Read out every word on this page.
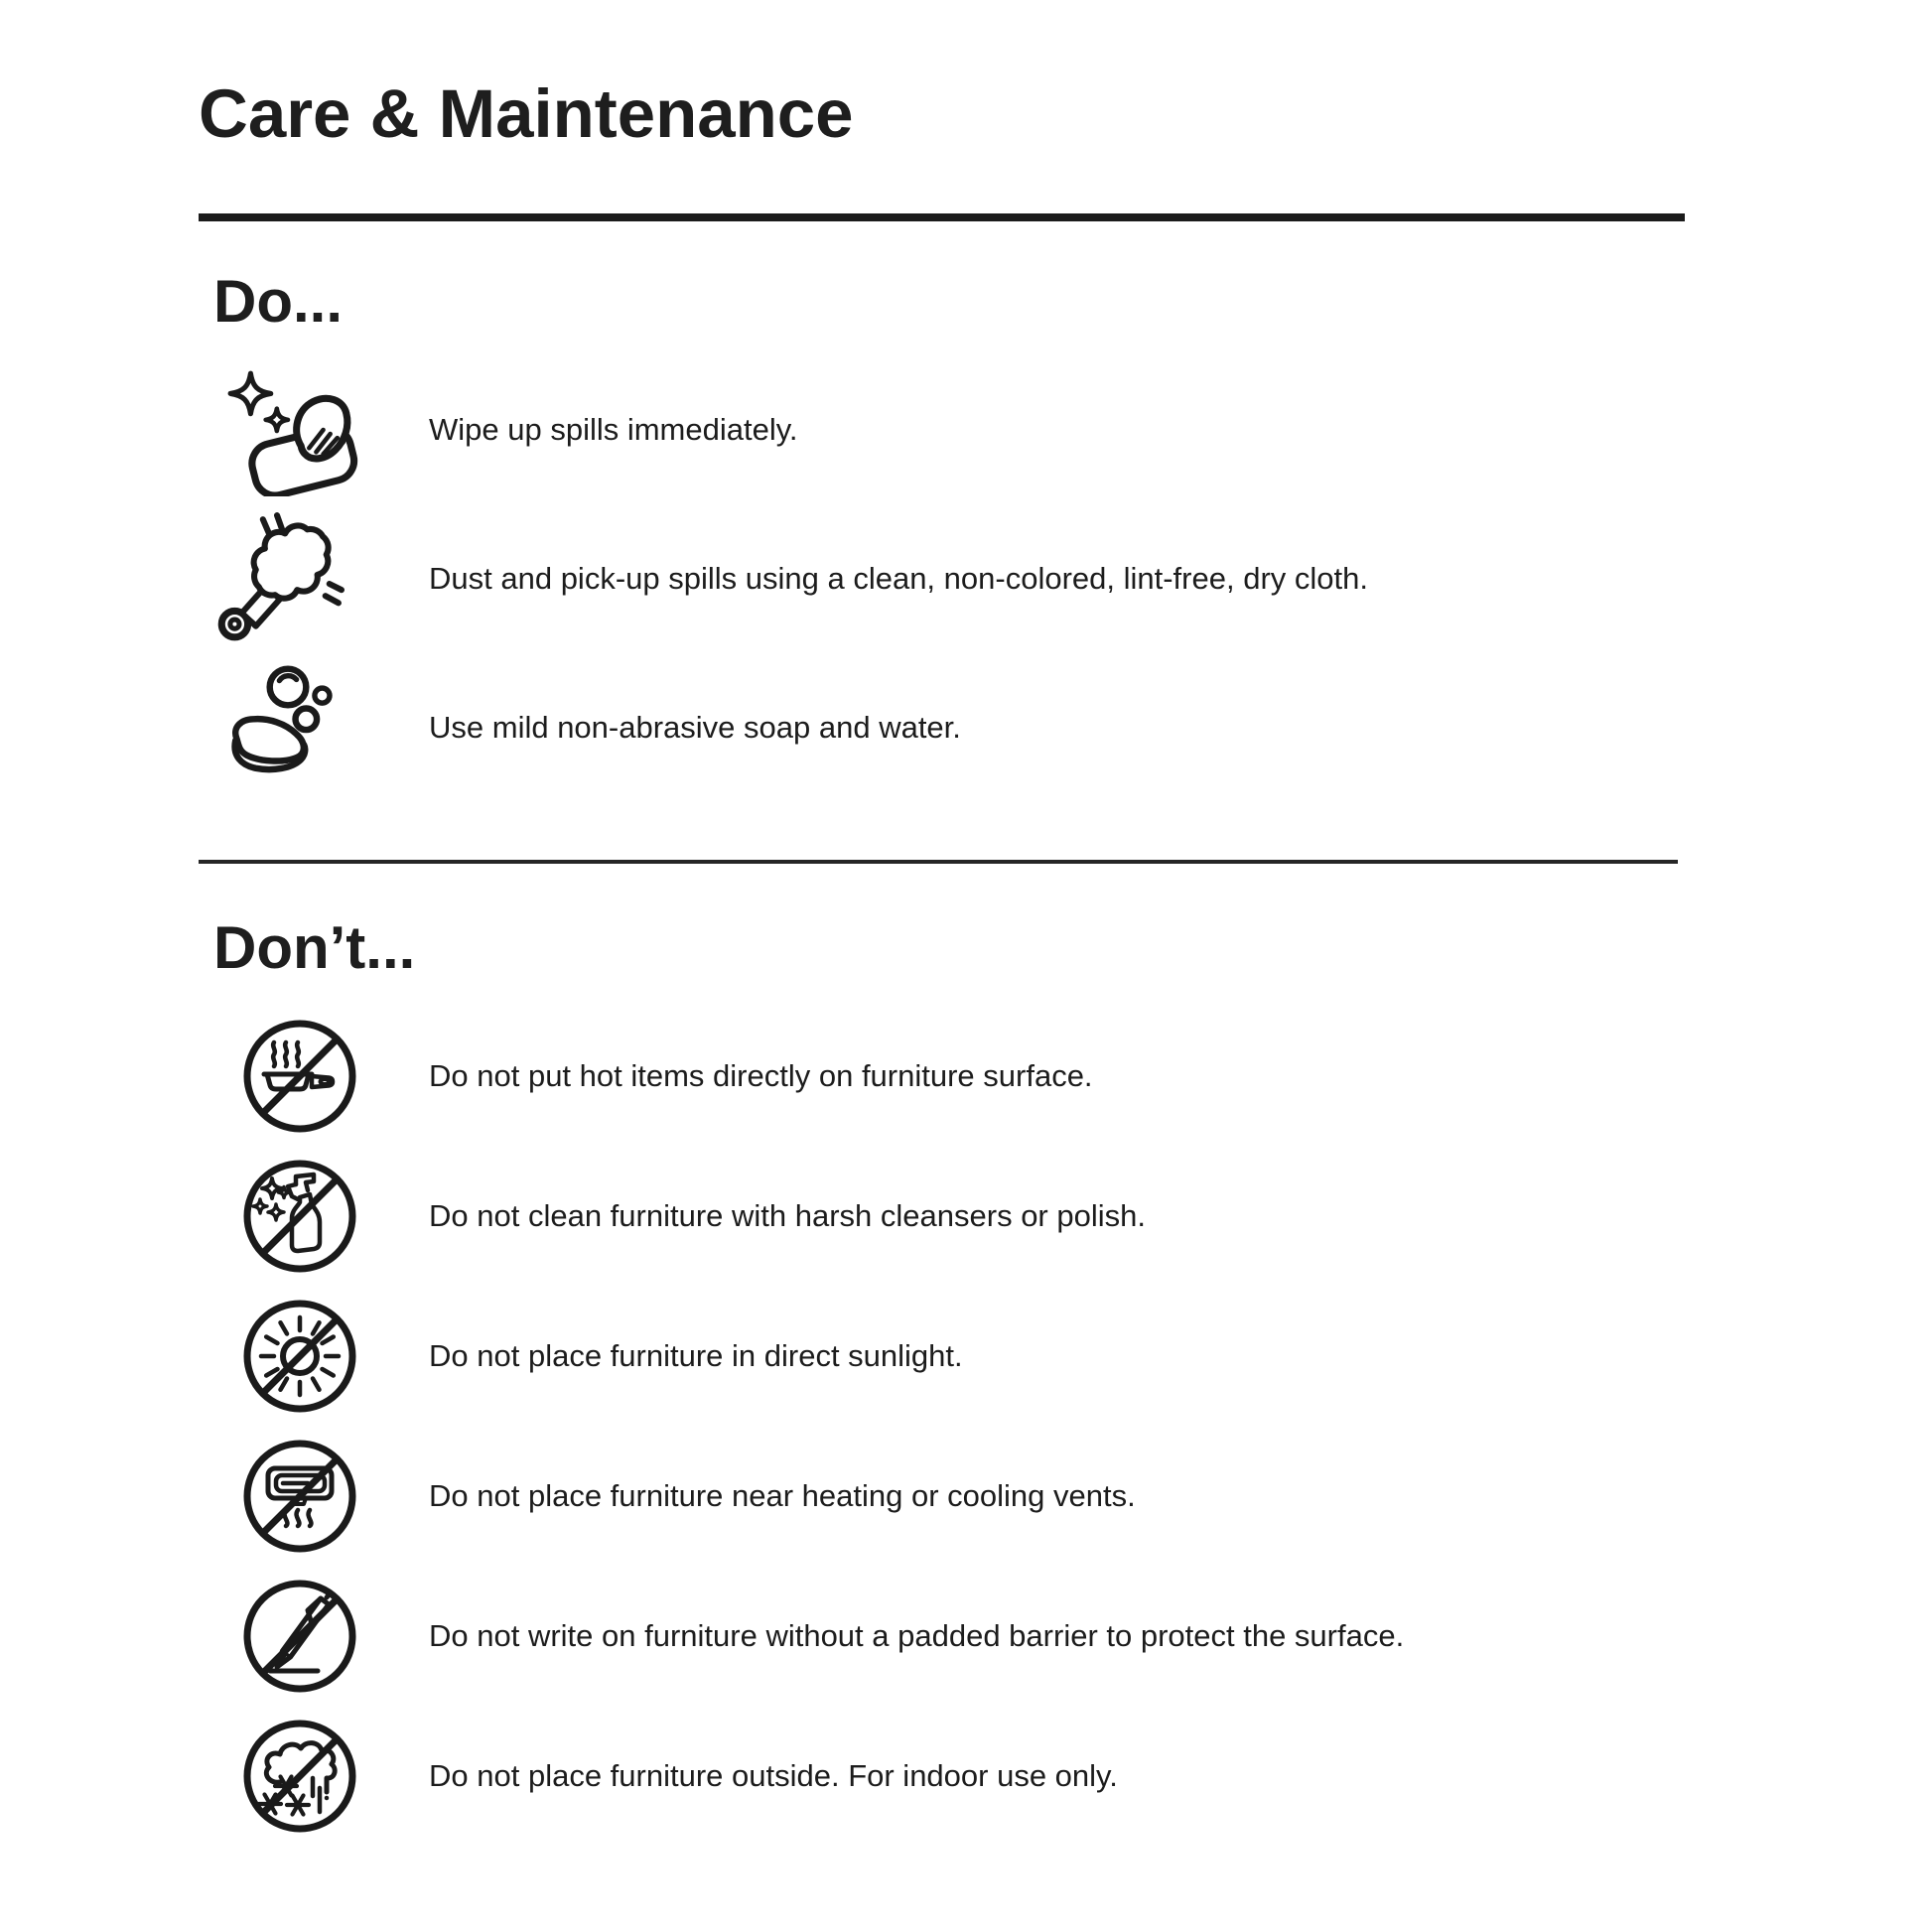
Care & Maintenance
Do...
Wipe up spills immediately.
Dust and pick-up spills using a clean, non-colored, lint-free, dry cloth.
Use mild non-abrasive soap and water.
Don’t...
Do not put hot items directly on furniture surface.
Do not clean furniture with harsh cleansers or polish.
Do not place furniture in direct sunlight.
Do not place furniture near heating or cooling vents.
Do not write on furniture without a padded barrier to protect the surface.
Do not place furniture outside. For indoor use only.
